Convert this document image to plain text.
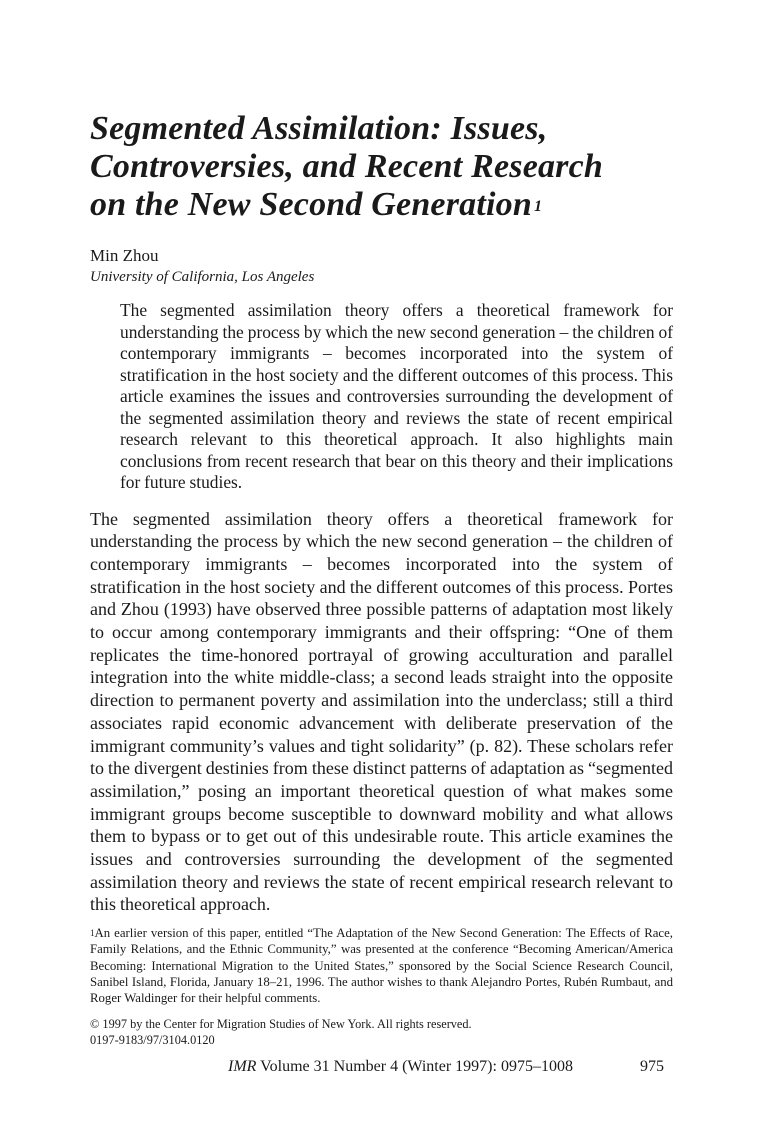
Segmented Assimilation: Issues,
Controversies, and Recent Research
on the New Second Generation $^1$

Min Zhou

University of California, Los Angeles

The segmented assimilation theory offers a theoretical framework for understanding the process by which the new second generation – the children of contemporary immigrants – becomes incorporated into the system of stratification in the host society and the different outcomes of this process. This article examines the issues and controversies surrounding the development of the segmented assimilation theory and reviews the state of recent empirical research relevant to this theoretical approach. It also highlights main conclusions from recent research that bear on this theory and their implications for future studies.

The segmented assimilation theory offers a theoretical framework for understanding the process by which the new second generation – the children of contemporary immigrants – becomes incorporated into the system of stratification in the host society and the different outcomes of this process. Portes and Zhou (1993) have observed three possible patterns of adaptation most likely to occur among contemporary immigrants and their offspring: “One of them replicates the time-honored portrayal of growing acculturation and parallel integration into the white middle-class; a second leads straight into the opposite direction to permanent poverty and assimilation into the underclass; still a third associates rapid economic advancement with deliberate preservation of the immigrant community’s values and tight solidarity” (p. 82). These scholars refer to the divergent destinies from these distinct patterns of adaptation as “segmented assimilation,” posing an important theoretical question of what makes some immigrant groups become susceptible to downward mobility and what allows them to bypass or to get out of this undesirable route. This article examines the issues and controversies surrounding the development of the segmented assimilation theory and reviews the state of recent empirical research relevant to this theoretical approach.

$^1$An earlier version of this paper, entitled “The Adaptation of the New Second Generation: The Effects of Race, Family Relations, and the Ethnic Community,” was presented at the conference “Becoming American/America Becoming: International Migration to the United States,” sponsored by the Social Science Research Council, Sanibel Island, Florida, January 18–21, 1996. The author wishes to thank Alejandro Portes, Rubén Rumbaut, and Roger Waldinger for their helpful comments.

© 1997 by the Center for Migration Studies of New York. All rights reserved.
0197-9183/97/3104.0120

IMR Volume 31 Number 4 (Winter 1997): 0975–1008	975
